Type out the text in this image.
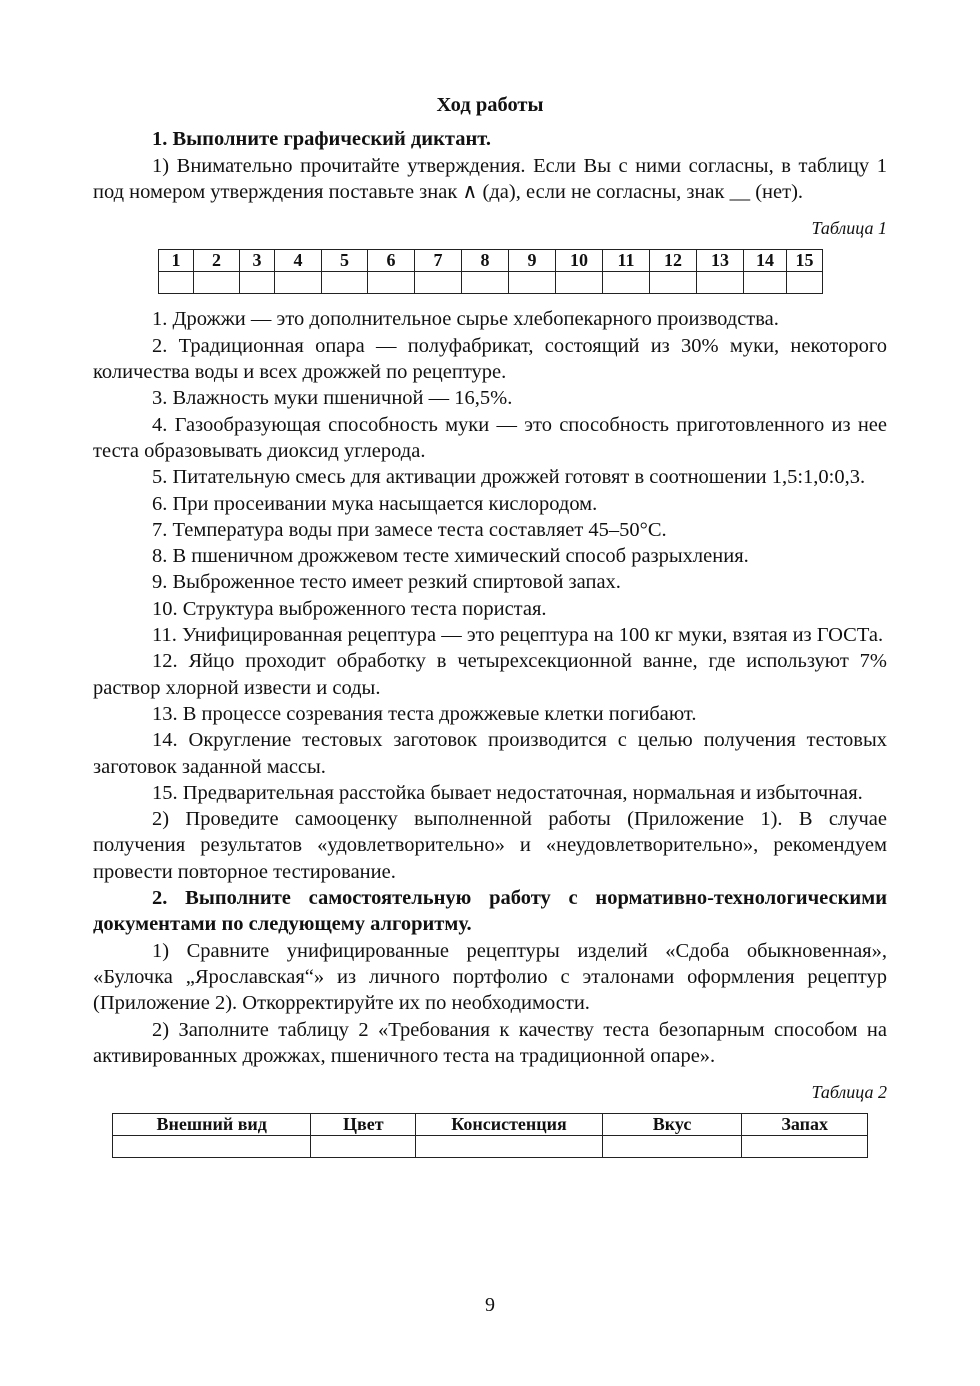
Ход работы

1. Выполните графический диктант.

1) Внимательно прочитайте утверждения. Если Вы с ними согласны, в таблицу 1 под номером утверждения поставьте знак ∧ (да), если не согласны, знак __ (нет).

Таблица 1
1	2	3	4	5	6	7	8	9	10	11	12	13	14	15

1. Дрожжи — это дополнительное сырье хлебопекарного производства.

2. Традиционная опара — полуфабрикат, состоящий из 30% муки, некоторого количества воды и всех дрожжей по рецептуре.

3. Влажность муки пшеничной — 16,5%.

4. Газообразующая способность муки — это способность приготовленного из нее теста образовывать диоксид углерода.

5. Питательную смесь для активации дрожжей готовят в соотношении 1,5:1,0:0,3.

6. При просеивании мука насыщается кислородом.

7. Температура воды при замесе теста составляет 45–50°С.

8. В пшеничном дрожжевом тесте химический способ разрыхления.

9. Выброженное тесто имеет резкий спиртовой запах.

10. Структура выброженного теста пористая.

11. Унифицированная рецептура — это рецептура на 100 кг муки, взятая из ГОСТа.

12. Яйцо проходит обработку в четырехсекционной ванне, где используют 7% раствор хлорной извести и соды.

13. В процессе созревания теста дрожжевые клетки погибают.

14. Округление тестовых заготовок производится с целью получения тестовых заготовок заданной массы.

15. Предварительная расстойка бывает недостаточная, нормальная и избыточная.

2) Проведите самооценку выполненной работы (Приложение 1). В случае получения результатов «удовлетворительно» и «неудовлетворительно», рекомендуем провести повторное тестирование.

2. Выполните самостоятельную работу с нормативно-технологическими документами по следующему алгоритму.

1) Сравните унифицированные рецептуры изделий «Сдоба обыкновенная», «Булочка „Ярославская“» из личного портфолио с эталонами оформления рецептур (Приложение 2). Откорректируйте их по необходимости.

2) Заполните таблицу 2 «Требования к качеству теста безопарным способом на активированных дрожжах, пшеничного теста на традиционной опаре».

Таблица 2
Внешний вид	Цвет	Консистенция	Вкус	Запах

9
